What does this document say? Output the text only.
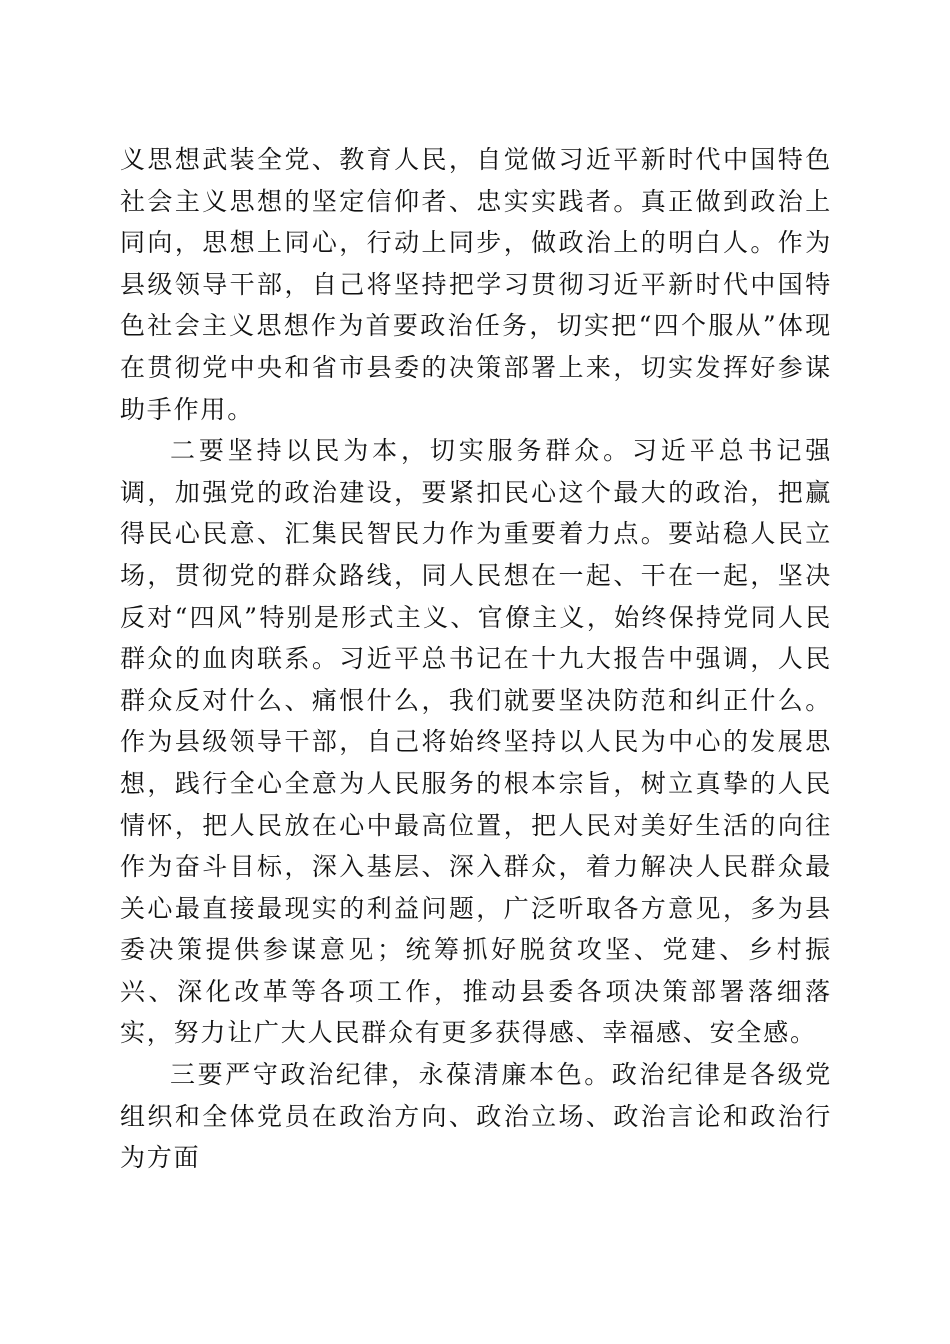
义思想武装全党、教育人民，自觉做习近平新时代中国特色社会主义思想的坚定信仰者、忠实实践者。真正做到政治上同向，思想上同心，行动上同步，做政治上的明白人。作为县级领导干部，自己将坚持把学习贯彻习近平新时代中国特色社会主义思想作为首要政治任务，切实把“四个服从”体现在贯彻党中央和省市县委的决策部署上来，切实发挥好参谋助手作用。

二要坚持以民为本，切实服务群众。习近平总书记强调，加强党的政治建设，要紧扣民心这个最大的政治，把赢得民心民意、汇集民智民力作为重要着力点。要站稳人民立场，贯彻党的群众路线，同人民想在一起、干在一起，坚决反对“四风”特别是形式主义、官僚主义，始终保持党同人民群众的血肉联系。习近平总书记在十九大报告中强调，人民群众反对什么、痛恨什么，我们就要坚决防范和纠正什么。作为县级领导干部，自己将始终坚持以人民为中心的发展思想，践行全心全意为人民服务的根本宗旨，树立真挚的人民情怀，把人民放在心中最高位置，把人民对美好生活的向往作为奋斗目标，深入基层、深入群众，着力解决人民群众最关心最直接最现实的利益问题，广泛听取各方意见，多为县委决策提供参谋意见；统筹抓好脱贫攻坚、党建、乡村振兴、深化改革等各项工作，推动县委各项决策部署落细落实，努力让广大人民群众有更多获得感、幸福感、安全感。

三要严守政治纪律，永葆清廉本色。政治纪律是各级党组织和全体党员在政治方向、政治立场、政治言论和政治行为方面
